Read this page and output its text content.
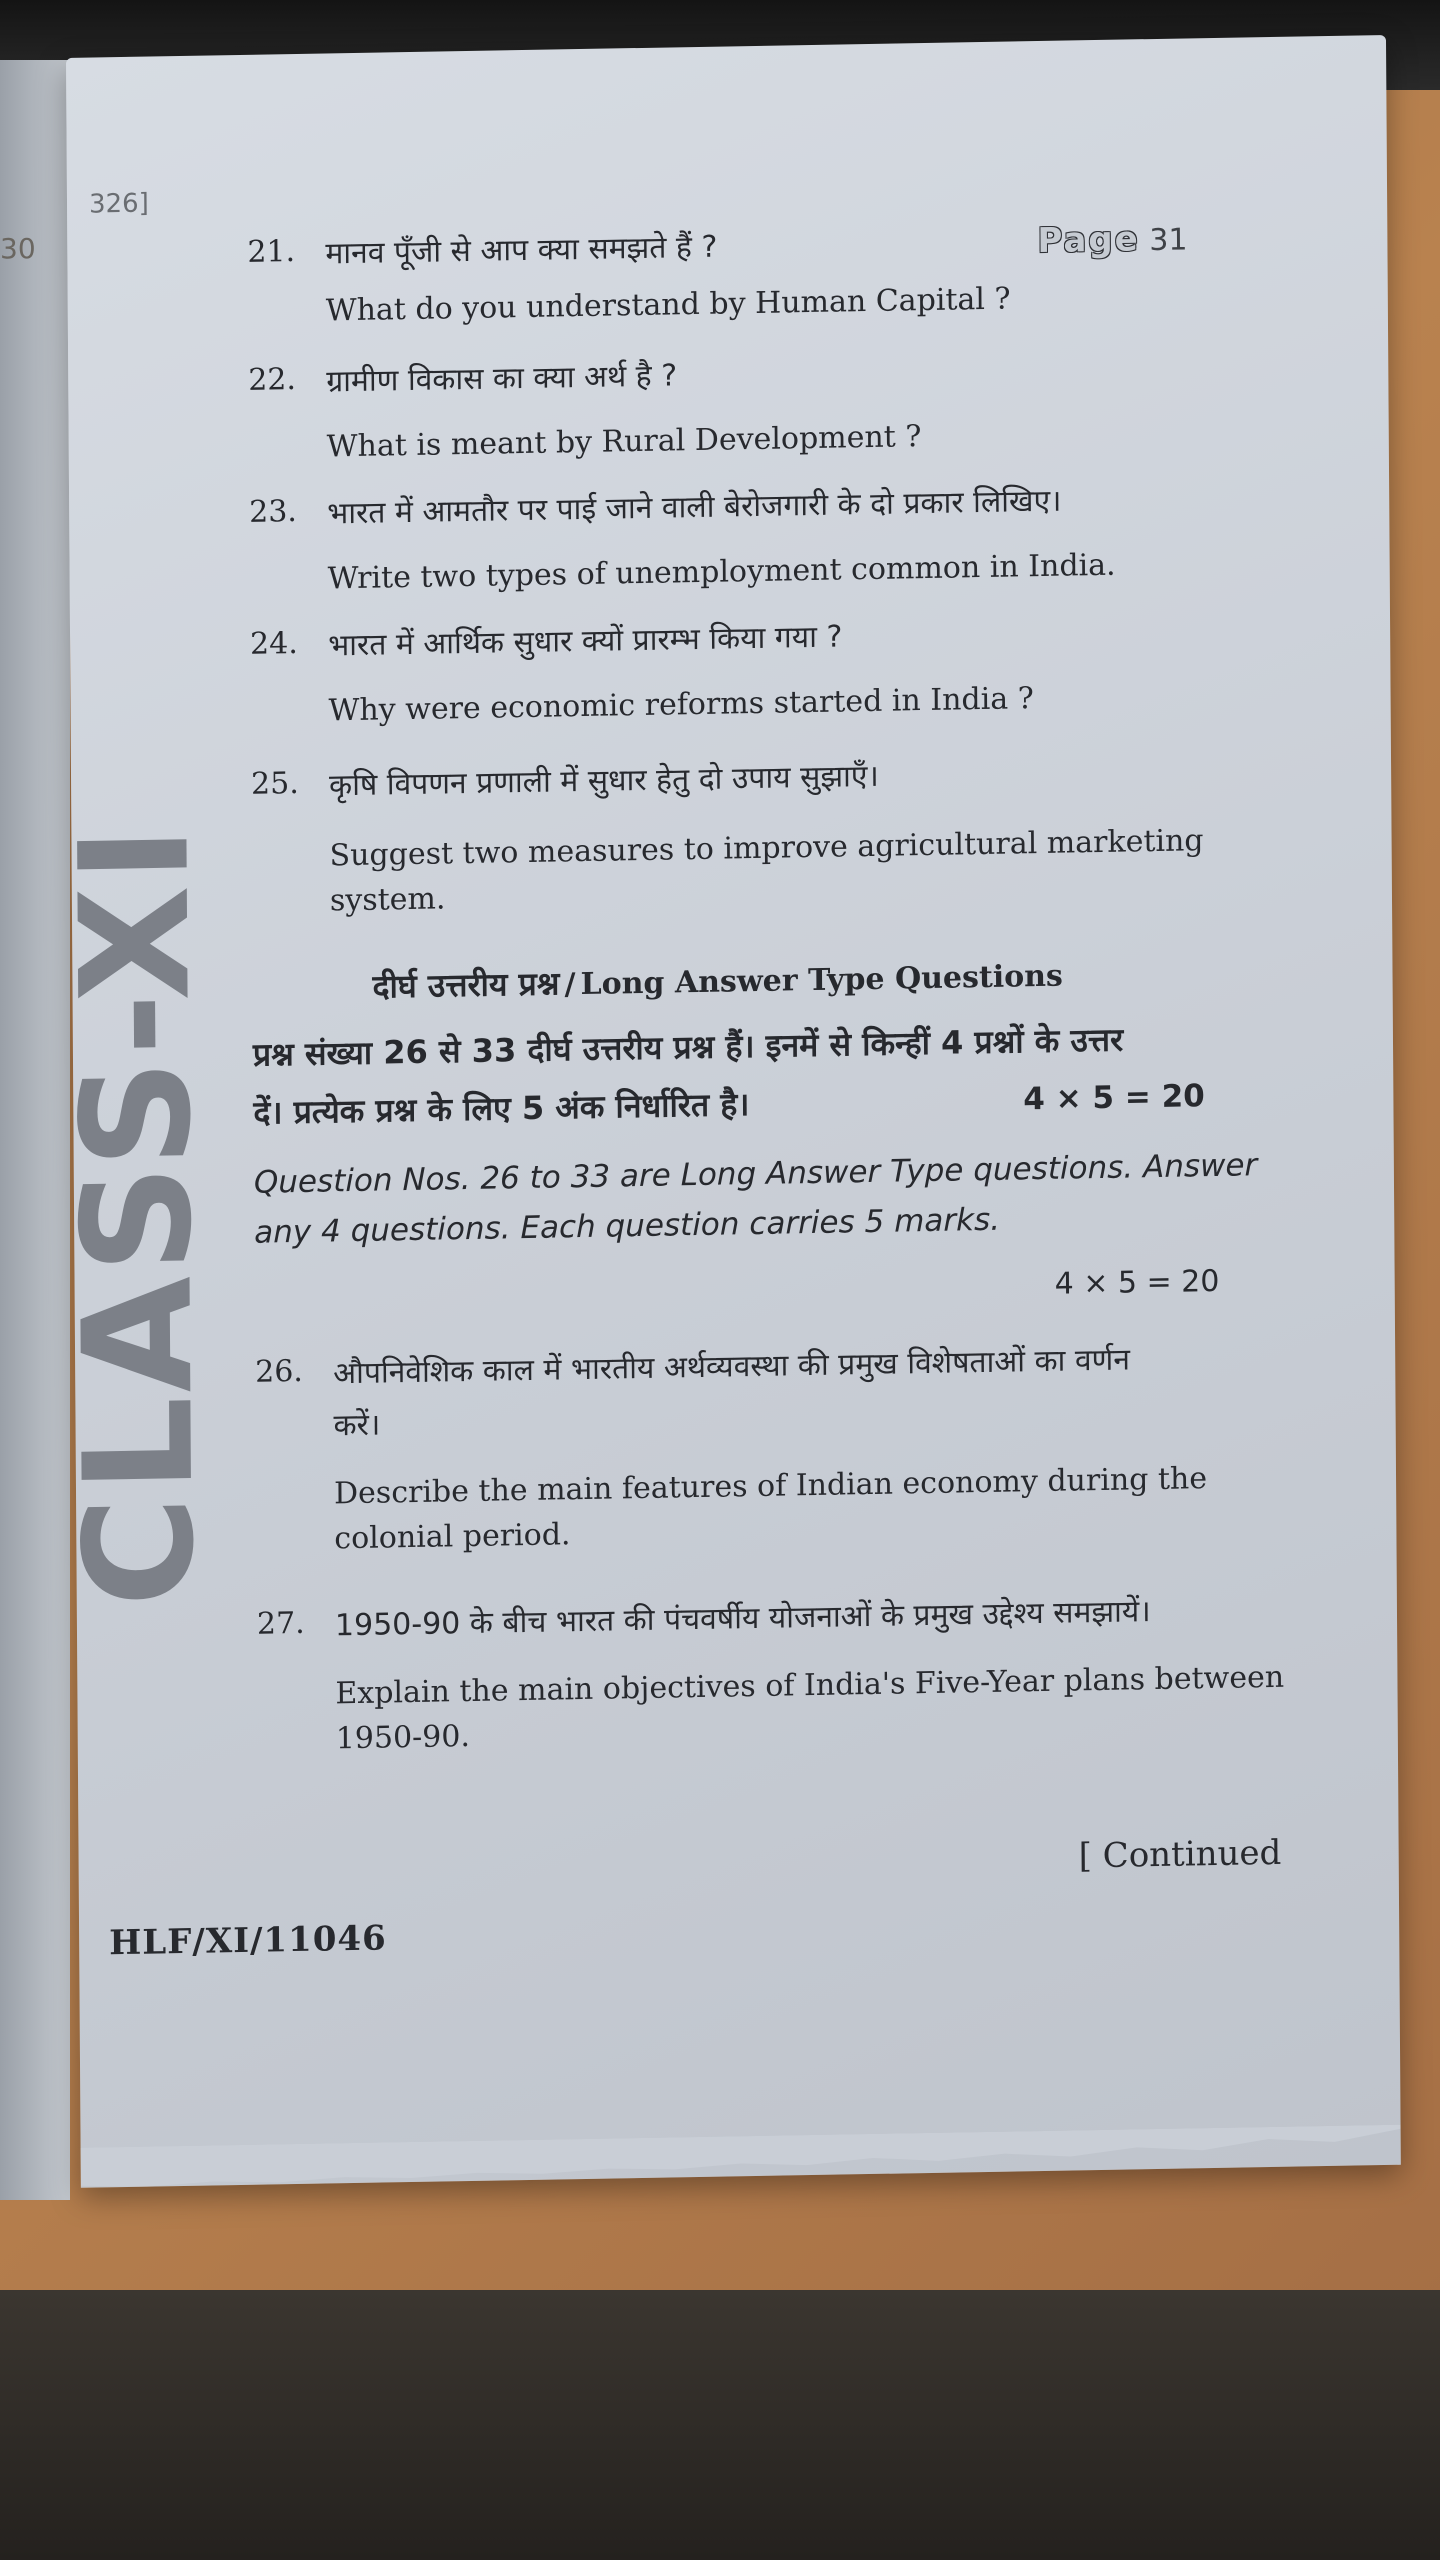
30
CLASS-XI
326]
Page 31
21. मानव पूँजी से आप क्या समझते हैं ?
What do you understand by Human Capital ?
22. ग्रामीण विकास का क्या अर्थ है ?
What is meant by Rural Development ?
23. भारत में आमतौर पर पाई जाने वाली बेरोजगारी के दो प्रकार लिखिए।
Write two types of unemployment common in India.
24. भारत में आर्थिक सुधार क्यों प्रारम्भ किया गया ?
Why were economic reforms started in India ?
25. कृषि विपणन प्रणाली में सुधार हेतु दो उपाय सुझाएँ।
Suggest two measures to improve agricultural marketing system.
दीर्घ उत्तरीय प्रश्न / Long Answer Type Questions
प्रश्न संख्या 26 से 33 दीर्घ उत्तरीय प्रश्न हैं। इनमें से किन्हीं 4 प्रश्नों के उत्तर
दें। प्रत्येक प्रश्न के लिए 5 अंक निर्धारित है।	4 × 5 = 20
Question Nos. 26 to 33 are Long Answer Type questions. Answer any 4 questions. Each question carries 5 marks.
4 × 5 = 20
26. औपनिवेशिक काल में भारतीय अर्थव्यवस्था की प्रमुख विशेषताओं का वर्णन
करें।
Describe the main features of Indian economy during the colonial period.
27. 1950-90 के बीच भारत की पंचवर्षीय योजनाओं के प्रमुख उद्देश्य समझायें।
Explain the main objectives of India's Five-Year plans between 1950-90.
[ Continued
HLF/XI/11046
